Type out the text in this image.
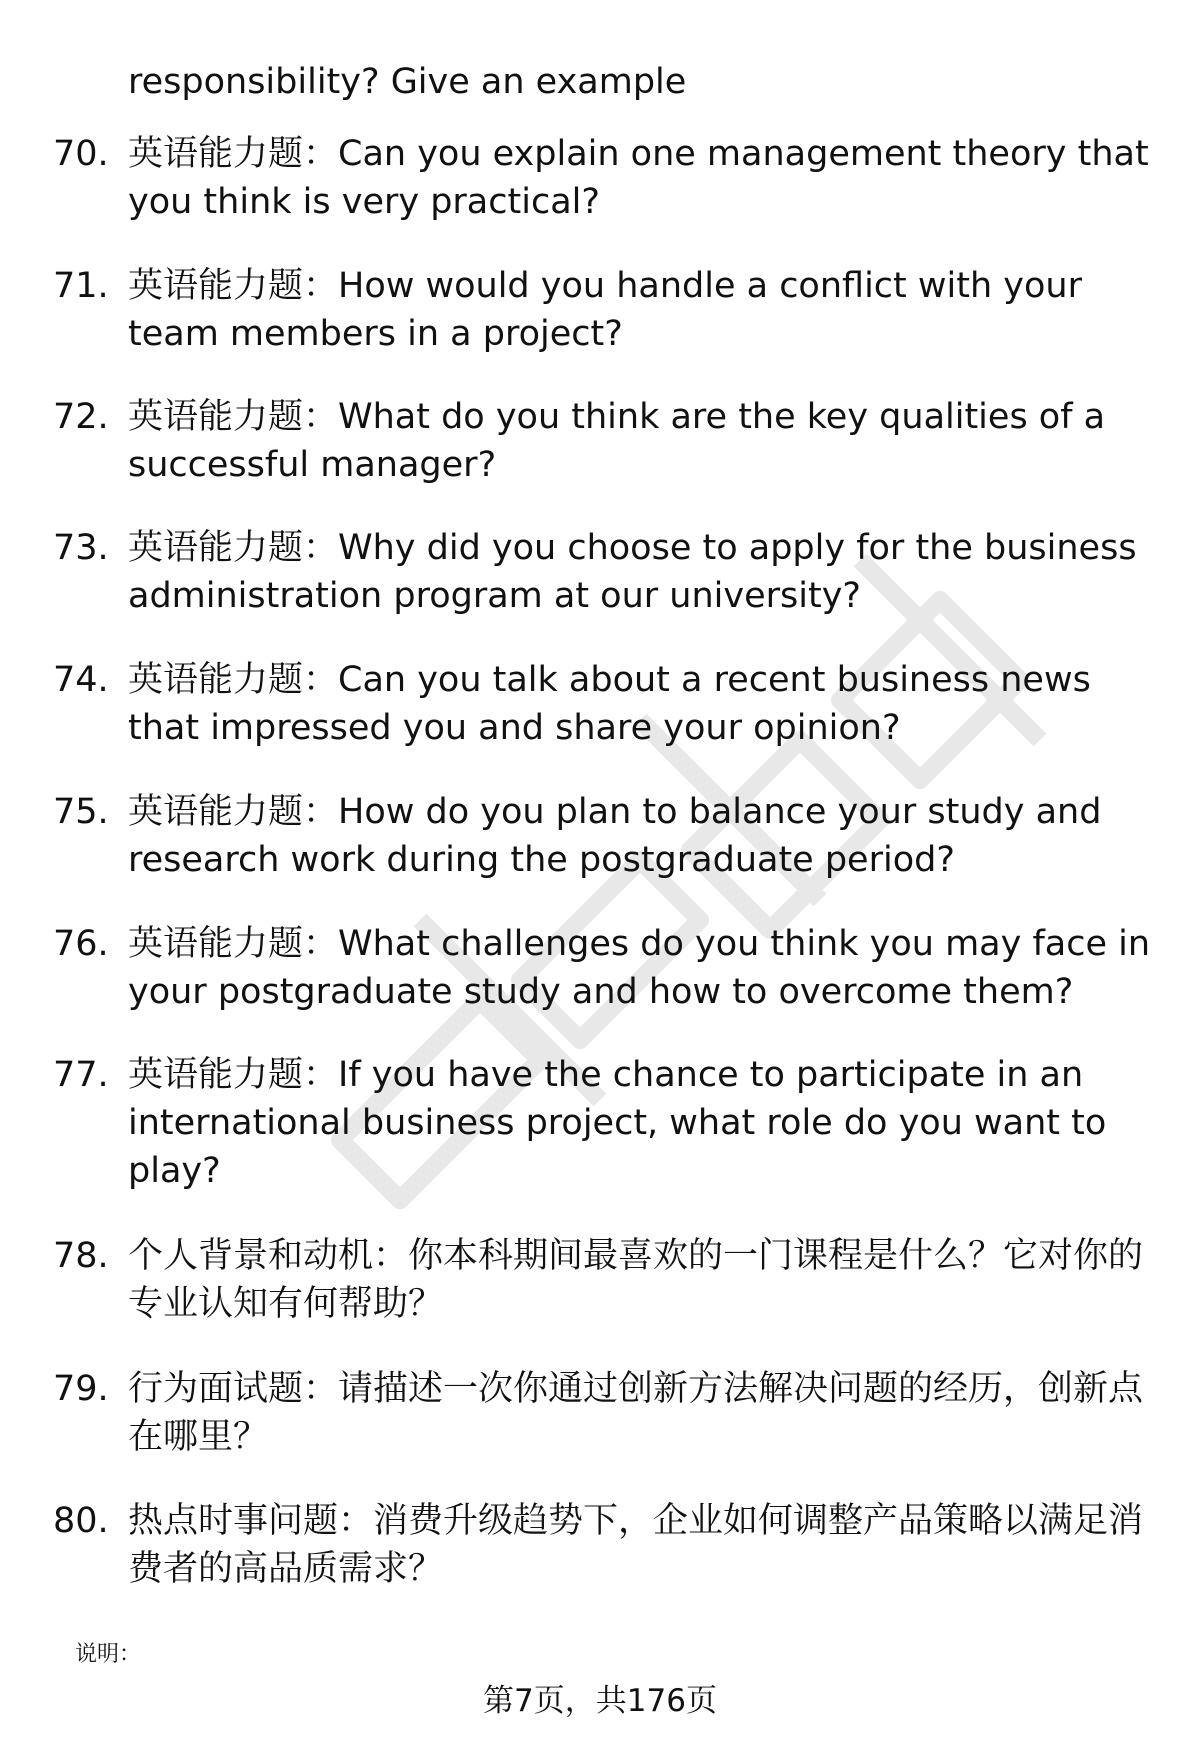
responsibility? Give an example
70. 英语能力题：Can you explain one management theory that you think is very practical?
71. 英语能力题：How would you handle a conflict with your team members in a project?
72. 英语能力题：What do you think are the key qualities of a successful manager?
73. 英语能力题：Why did you choose to apply for the business administration program at our university?
74. 英语能力题：Can you talk about a recent business news that impressed you and share your opinion?
75. 英语能力题：How do you plan to balance your study and research work during the postgraduate period?
76. 英语能力题：What challenges do you think you may face in your postgraduate study and how to overcome them?
77. 英语能力题：If you have the chance to participate in an international business project, what role do you want to play?
78. 个人背景和动机：你本科期间最喜欢的一门课程是什么？它对你的专业认知有何帮助？
79. 行为面试题：请描述一次你通过创新方法解决问题的经历，创新点在哪里？
80. 热点时事问题：消费升级趋势下，企业如何调整产品策略以满足消费者的高品质需求？
说明：
第7页，共176页
